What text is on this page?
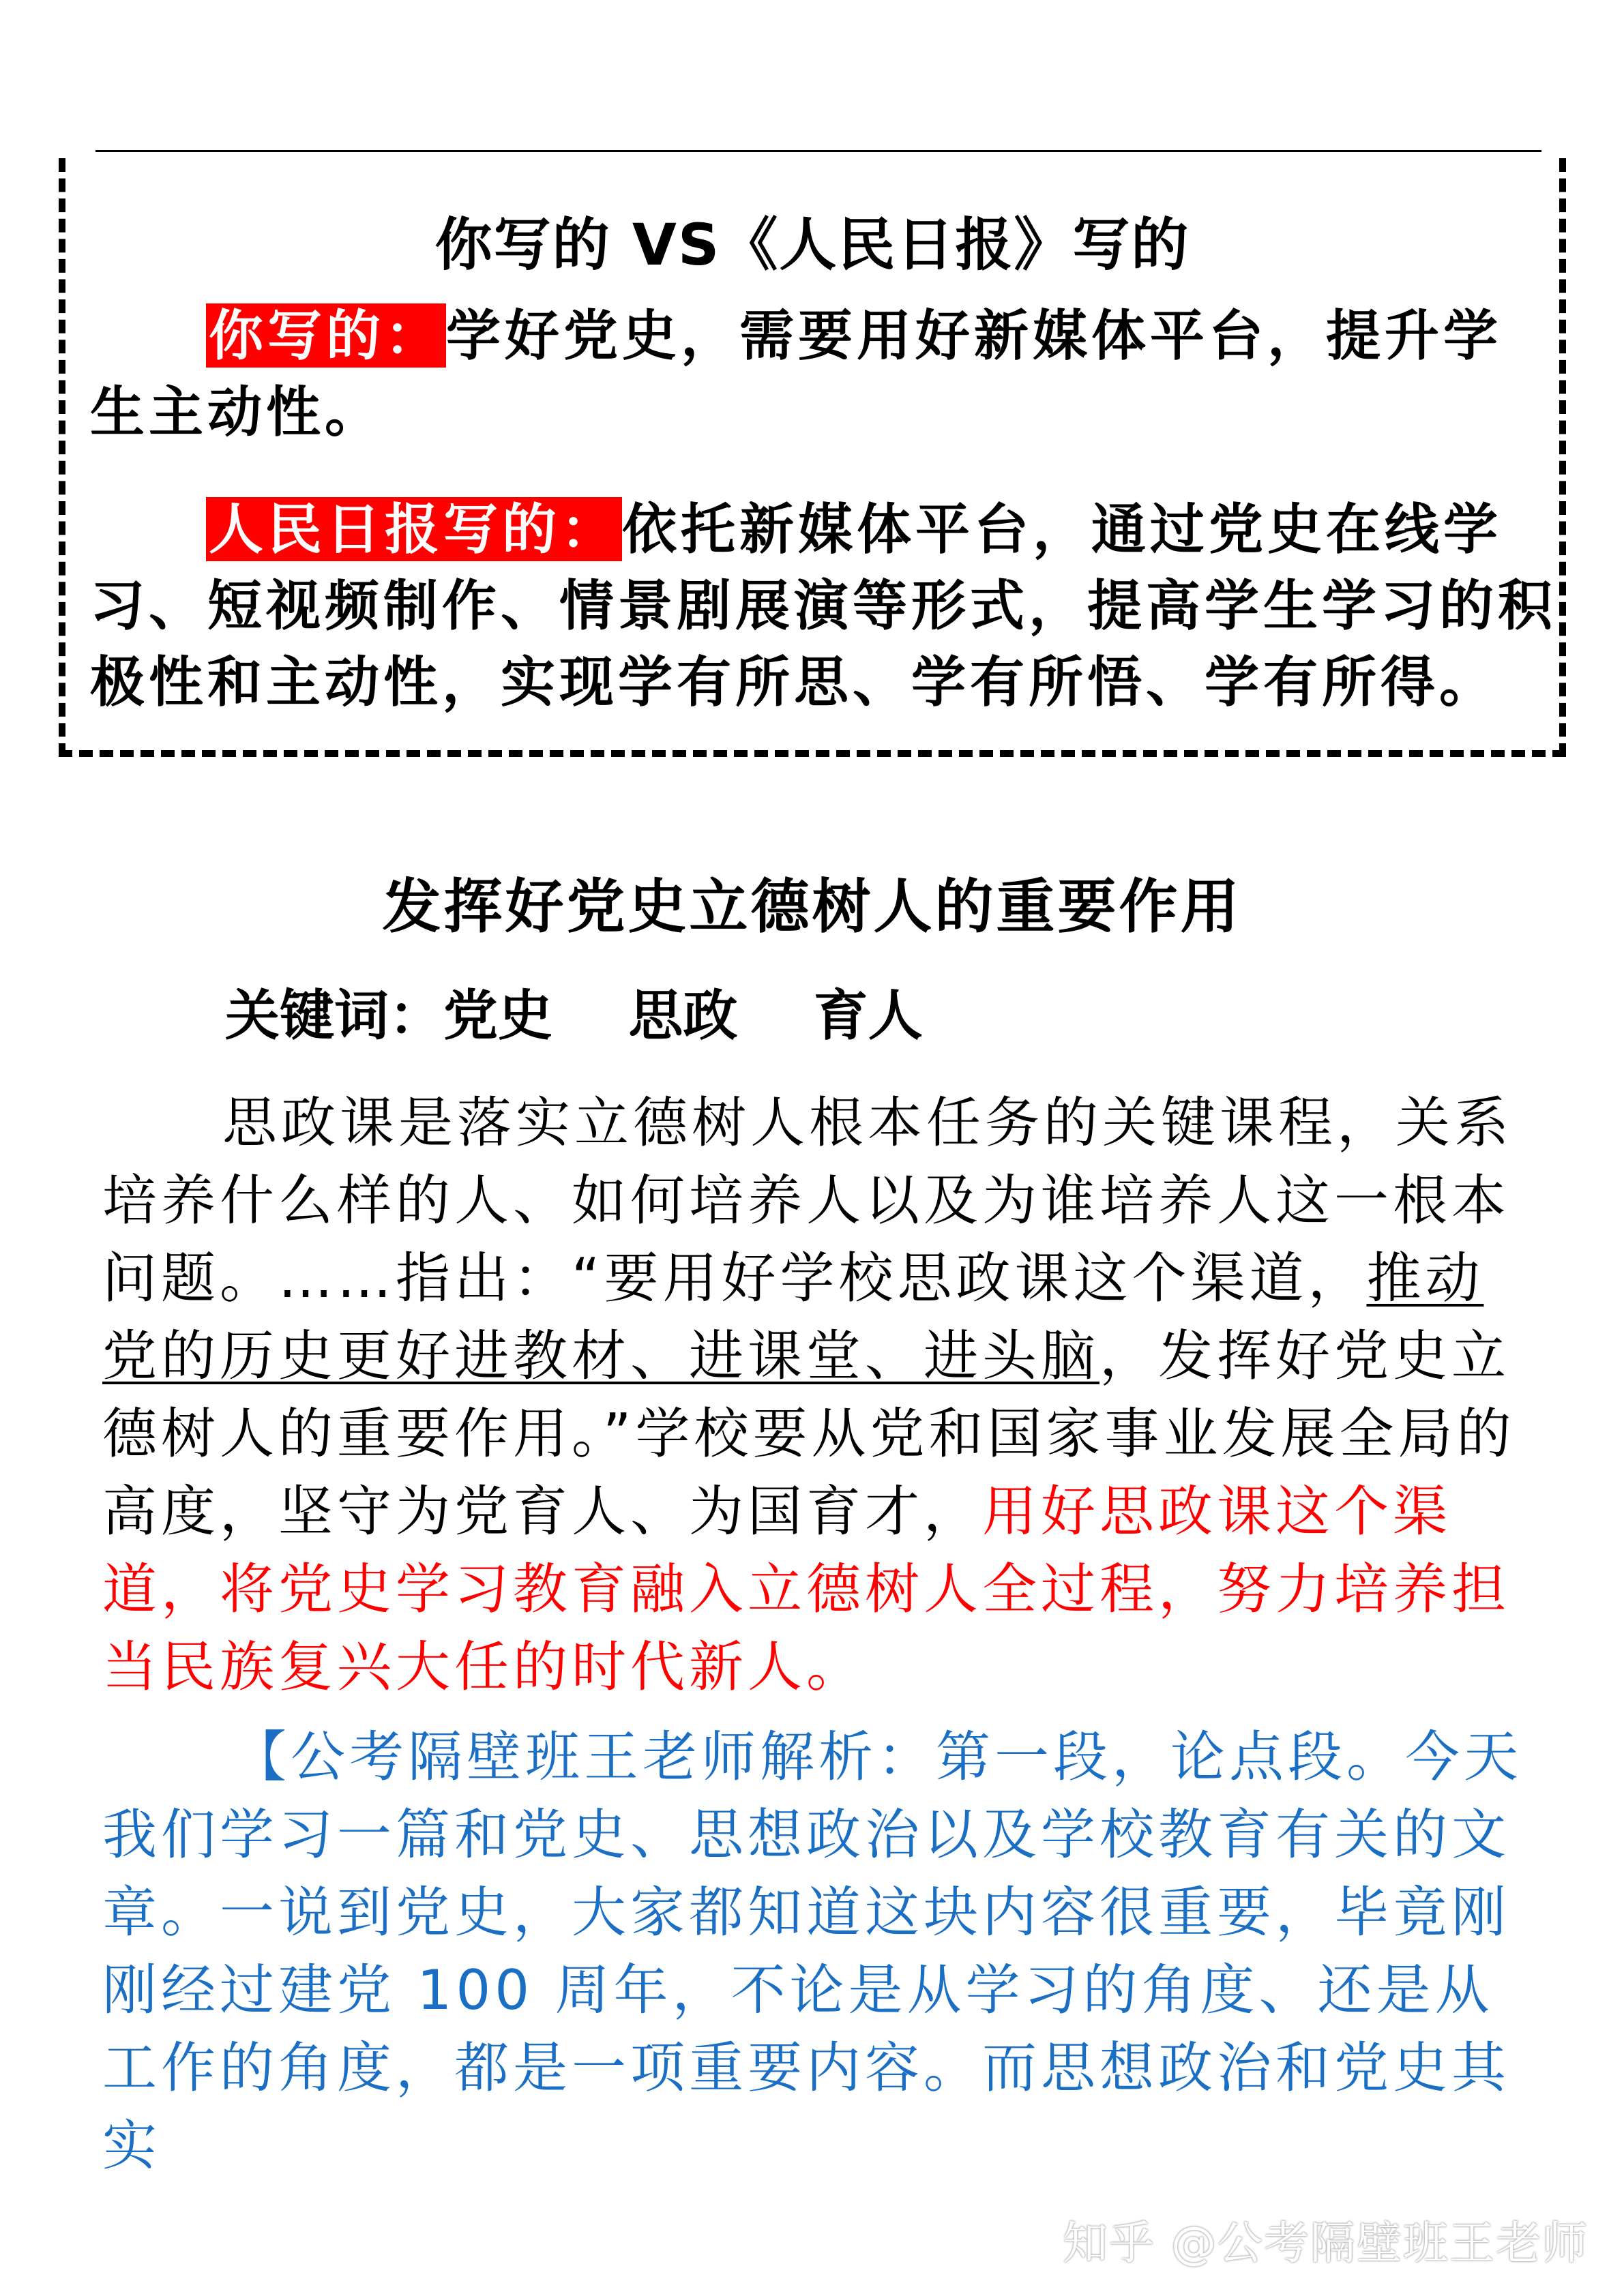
你写的 VS《人民日报》写的

你写的：学好党史，需要用好新媒体平台，提升学生主动性。

人民日报写的：依托新媒体平台，通过党史在线学习、短视频制作、情景剧展演等形式，提高学生学习的积极性和主动性，实现学有所思、学有所悟、学有所得。

发挥好党史立德树人的重要作用

关键词：党史    思政    育人

思政课是落实立德树人根本任务的关键课程，关系培养什么样的人、如何培养人以及为谁培养人这一根本问题。……指出：“要用好学校思政课这个渠道，推动党的历史更好进教材、进课堂、进头脑，发挥好党史立德树人的重要作用。”学校要从党和国家事业发展全局的高度，坚守为党育人、为国育才，用好思政课这个渠道，将党史学习教育融入立德树人全过程，努力培养担当民族复兴大任的时代新人。

【公考隔壁班王老师解析：第一段，论点段。今天我们学习一篇和党史、思想政治以及学校教育有关的文章。一说到党史，大家都知道这块内容很重要，毕竟刚刚经过建党 100 周年，不论是从学习的角度、还是从工作的角度，都是一项重要内容。而思想政治和党史其实

知乎 @公考隔壁班王老师
